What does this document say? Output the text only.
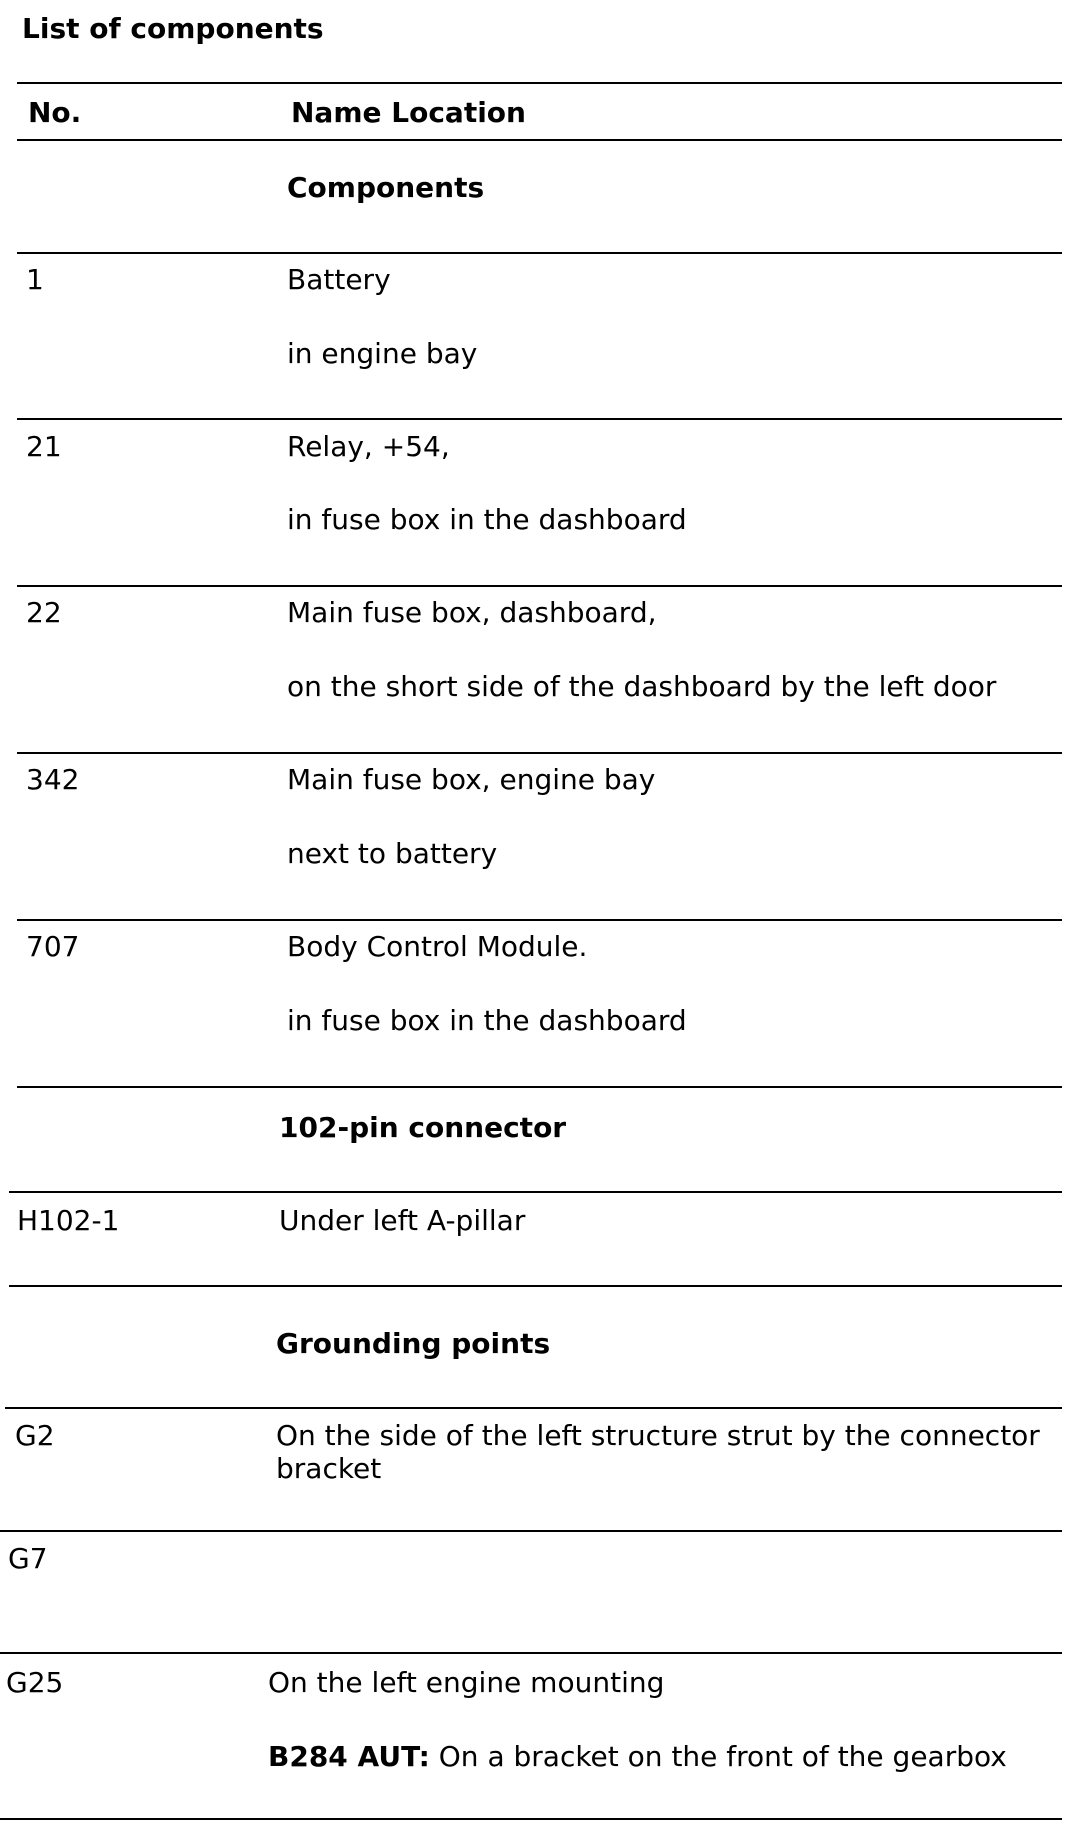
List of components
No.	Name Location
Components
1	Battery
in engine bay
21	Relay, +54,
in fuse box in the dashboard
22	Main fuse box, dashboard,
on the short side of the dashboard by the left door
342	Main fuse box, engine bay
next to battery
707	Body Control Module.
in fuse box in the dashboard
102-pin connector
H102-1	Under left A-pillar
Grounding points
G2	On the side of the left structure strut by the connector
bracket
G7
G25	On the left engine mounting
B284 AUT: On a bracket on the front of the gearbox
